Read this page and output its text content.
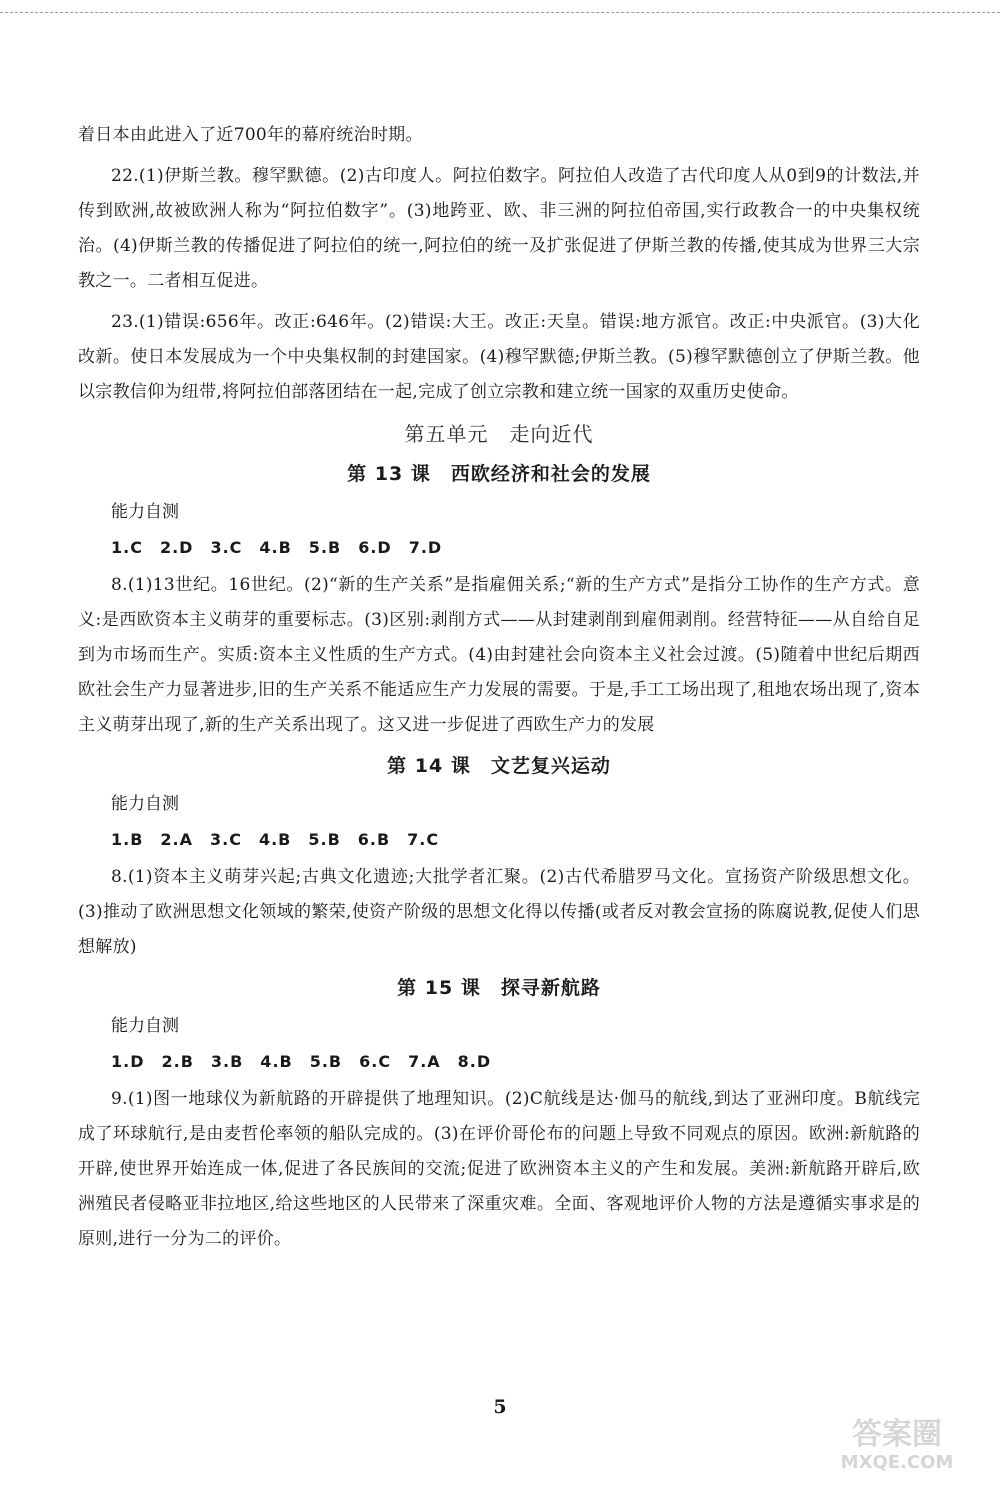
着日本由此进入了近700年的幕府统治时期。

22.(1)伊斯兰教。穆罕默德。(2)古印度人。阿拉伯数字。阿拉伯人改造了古代印度人从0到9的计数法,并传到欧洲,故被欧洲人称为“阿拉伯数字”。(3)地跨亚、欧、非三洲的阿拉伯帝国,实行政教合一的中央集权统治。(4)伊斯兰教的传播促进了阿拉伯的统一,阿拉伯的统一及扩张促进了伊斯兰教的传播,使其成为世界三大宗教之一。二者相互促进。

23.(1)错误:656年。改正:646年。(2)错误:大王。改正:天皇。错误:地方派官。改正:中央派官。(3)大化改新。使日本发展成为一个中央集权制的封建国家。(4)穆罕默德;伊斯兰教。(5)穆罕默德创立了伊斯兰教。他以宗教信仰为纽带,将阿拉伯部落团结在一起,完成了创立宗教和建立统一国家的双重历史使命。

第五单元　走向近代
第 13 课　西欧经济和社会的发展
能力自测
1.C　2.D　3.C　4.B　5.B　6.D　7.D

8.(1)13世纪。16世纪。(2)“新的生产关系”是指雇佣关系;“新的生产方式”是指分工协作的生产方式。意义:是西欧资本主义萌芽的重要标志。(3)区别:剥削方式——从封建剥削到雇佣剥削。经营特征——从自给自足到为市场而生产。实质:资本主义性质的生产方式。(4)由封建社会向资本主义社会过渡。(5)随着中世纪后期西欧社会生产力显著进步,旧的生产关系不能适应生产力发展的需要。于是,手工工场出现了,租地农场出现了,资本主义萌芽出现了,新的生产关系出现了。这又进一步促进了西欧生产力的发展

第 14 课　文艺复兴运动
能力自测
1.B　2.A　3.C　4.B　5.B　6.B　7.C

8.(1)资本主义萌芽兴起;古典文化遗迹;大批学者汇聚。(2)古代希腊罗马文化。宣扬资产阶级思想文化。(3)推动了欧洲思想文化领域的繁荣,使资产阶级的思想文化得以传播(或者反对教会宣扬的陈腐说教,促使人们思想解放)

第 15 课　探寻新航路
能力自测
1.D　2.B　3.B　4.B　5.B　6.C　7.A　8.D

9.(1)图一地球仪为新航路的开辟提供了地理知识。(2)C航线是达·伽马的航线,到达了亚洲印度。B航线完成了环球航行,是由麦哲伦率领的船队完成的。(3)在评价哥伦布的问题上导致不同观点的原因。欧洲:新航路的开辟,使世界开始连成一体,促进了各民族间的交流;促进了欧洲资本主义的产生和发展。美洲:新航路开辟后,欧洲殖民者侵略亚非拉地区,给这些地区的人民带来了深重灾难。全面、客观地评价人物的方法是遵循实事求是的原则,进行一分为二的评价。

5
答案圈
MXQE.COM
